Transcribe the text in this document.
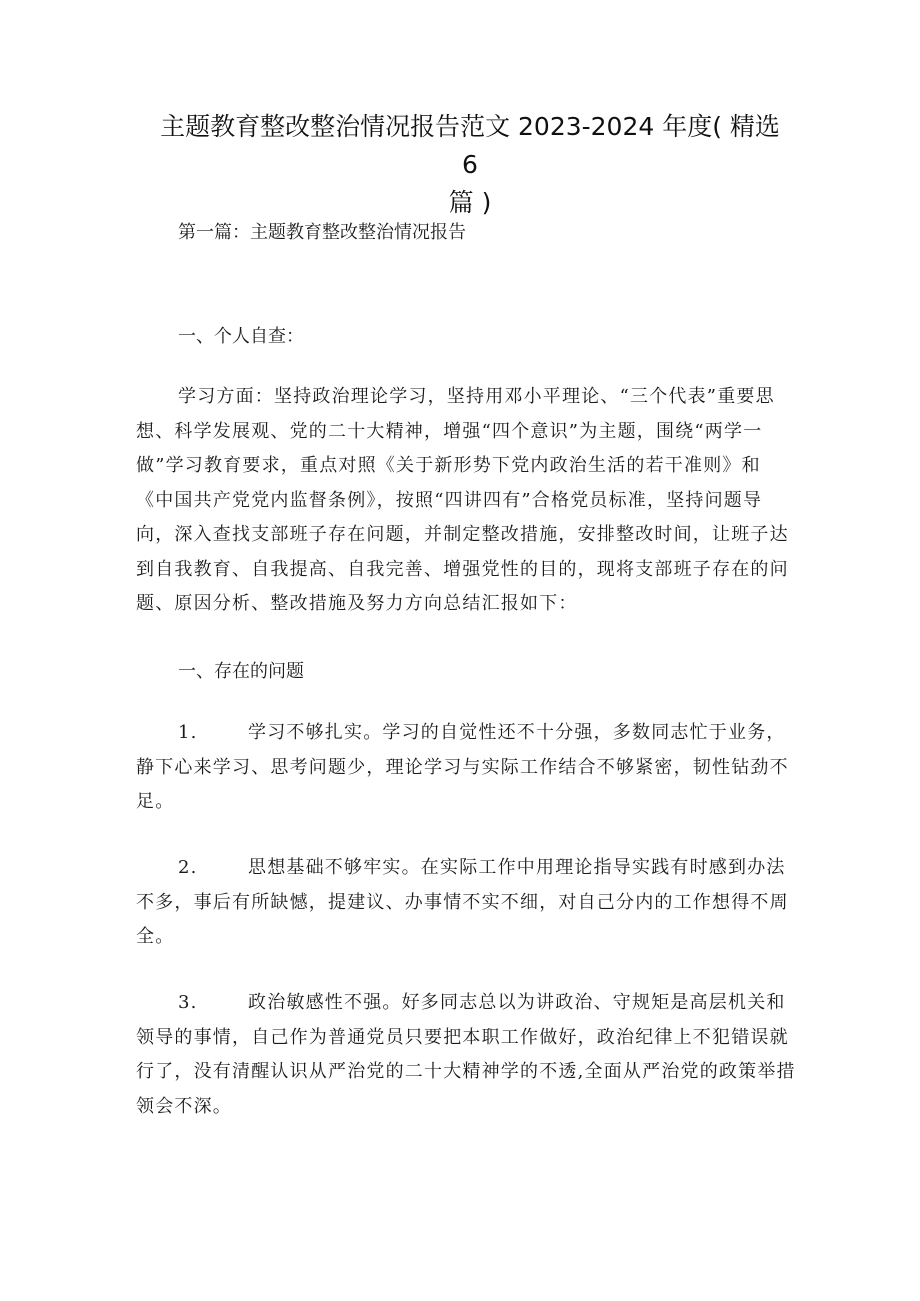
主题教育整改整治情况报告范文 2023-2024 年度( 精选 6
篇 )
第一篇：主题教育整改整治情况报告
一、个人自查：
学习方面：坚持政治理论学习，坚持用邓小平理论、“三个代表”重要思想、科学发展观、党的二十大精神，增强“四个意识”为主题，围绕“两学一做”学习教育要求，重点对照《关于新形势下党内政治生活的若干准则》和《中国共产党党内监督条例》，按照“四讲四有”合格党员标准，坚持问题导向，深入查找支部班子存在问题，并制定整改措施，安排整改时间，让班子达到自我教育、自我提高、自我完善、增强党性的目的，现将支部班子存在的问题、原因分析、整改措施及努力方向总结汇报如下：
一、存在的问题
1.	学习不够扎实。学习的自觉性还不十分强，多数同志忙于业务，静下心来学习、思考问题少，理论学习与实际工作结合不够紧密，韧性钻劲不足。
2.	思想基础不够牢实。在实际工作中用理论指导实践有时感到办法不多，事后有所缺憾，提建议、办事情不实不细，对自己分内的工作想得不周全。
3.	政治敏感性不强。好多同志总以为讲政治、守规矩是高层机关和领导的事情，自己作为普通党员只要把本职工作做好，政治纪律上不犯错误就行了，没有清醒认识从严治党的二十大精神学的不透,全面从严治党的政策举措领会不深。
